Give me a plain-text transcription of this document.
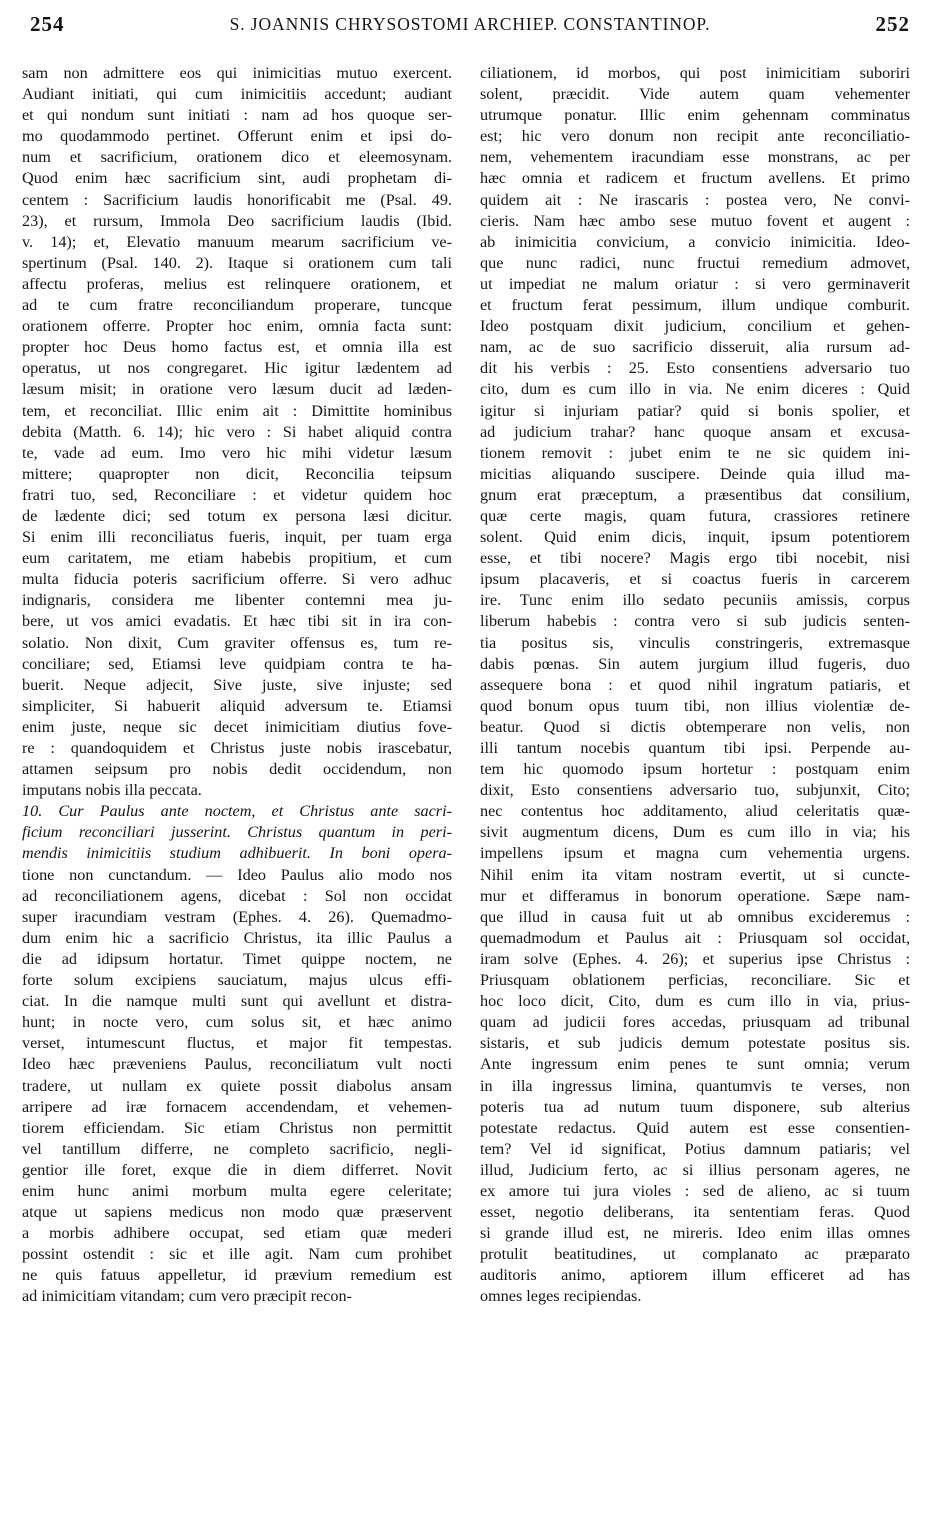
254	S. JOANNIS CHRYSOSTOMI ARCHIEP. CONSTANTINOP.	252
sam non admittere eos qui inimicitias mutuo exercent.
Audiant initiati, qui cum inimicitiis accedunt; audiant
et qui nondum sunt initiati : nam ad hos quoque ser-
mo quodammodo pertinet. Offerunt enim et ipsi do-
num et sacrificium, orationem dico et eleemosynam.
Quod enim hæc sacrificium sint, audi prophetam di-
centem : Sacrificium laudis honorificabit me (Psal. 49.
23), et rursum, Immola Deo sacrificium laudis (Ibid.
v. 14); et, Elevatio manuum mearum sacrificium ve-
spertinum (Psal. 140. 2). Itaque si orationem cum tali
affectu proferas, melius est relinquere orationem, et
ad te cum fratre reconciliandum properare, tuncque
orationem offerre. Propter hoc enim, omnia facta sunt:
propter hoc Deus homo factus est, et omnia illa est
operatus, ut nos congregaret. Hic igitur lædentem ad
læsum misit; in oratione vero læsum ducit ad læden-
tem, et reconciliat. Illic enim ait : Dimittite hominibus
debita (Matth. 6. 14); hic vero : Si habet aliquid contra
te, vade ad eum. Imo vero hic mihi videtur læsum
mittere; quapropter non dicit, Reconcilia teipsum
fratri tuo, sed, Reconciliare : et videtur quidem hoc
de lædente dici; sed totum ex persona læsi dicitur.
Si enim illi reconciliatus fueris, inquit, per tuam erga
eum caritatem, me etiam habebis propitium, et cum
multa fiducia poteris sacrificium offerre. Si vero adhuc
indignaris, considera me libenter contemni mea ju-
bere, ut vos amici evadatis. Et hæc tibi sit in ira con-
solatio. Non dixit, Cum graviter offensus es, tum re-
conciliare; sed, Etiamsi leve quidpiam contra te ha-
buerit. Neque adjecit, Sive juste, sive injuste; sed
simpliciter, Si habuerit aliquid adversum te. Etiamsi
enim juste, neque sic decet inimicitiam diutius fove-
re : quandoquidem et Christus juste nobis irascebatur,
attamen seipsum pro nobis dedit occidendum, non
imputans nobis illa peccata.
10. Cur Paulus ante noctem, et Christus ante sacri-
ficium reconciliari jusserint. Christus quantum in peri-
mendis inimicitiis studium adhibuerit. In boni opera-
tione non cunctandum. — Ideo Paulus alio modo nos
ad reconciliationem agens, dicebat : Sol non occidat
super iracundiam vestram (Ephes. 4. 26). Quemadmo-
dum enim hic a sacrificio Christus, ita illic Paulus a
die ad idipsum hortatur. Timet quippe noctem, ne
forte solum excipiens sauciatum, majus ulcus effi-
ciat. In die namque multi sunt qui avellunt et distra-
hunt; in nocte vero, cum solus sit, et hæc animo
verset, intumescunt fluctus, et major fit tempestas.
Ideo hæc præveniens Paulus, reconciliatum vult nocti
tradere, ut nullam ex quiete possit diabolus ansam
arripere ad iræ fornacem accendendam, et vehemen-
tiorem efficiendam. Sic etiam Christus non permittit
vel tantillum differre, ne completo sacrificio, negli-
gentior ille foret, exque die in diem differret. Novit
enim hunc animi morbum multa egere celeritate;
atque ut sapiens medicus non modo quæ præservent
a morbis adhibere occupat, sed etiam quæ mederi
possint ostendit : sic et ille agit. Nam cum prohibet
ne quis fatuus appelletur, id prævium remedium est
ad inimicitiam vitandam; cum vero præcipit recon-
ciliationem, id morbos, qui post inimicitiam suboriri
solent, præcidit. Vide autem quam vehementer
utrumque ponatur. Illic enim gehennam comminatus
est; hic vero donum non recipit ante reconciliatio-
nem, vehementem iracundiam esse monstrans, ac per
hæc omnia et radicem et fructum avellens. Et primo
quidem ait : Ne irascaris : postea vero, Ne convi-
cieris. Nam hæc ambo sese mutuo fovent et augent :
ab inimicitia convicium, a convicio inimicitia. Ideo-
que nunc radici, nunc fructui remedium admovet,
ut impediat ne malum oriatur : si vero germinaverit
et fructum ferat pessimum, illum undique comburit.
Ideo postquam dixit judicium, concilium et gehen-
nam, ac de suo sacrificio disseruit, alia rursum ad-
dit his verbis : 25. Esto consentiens adversario tuo
cito, dum es cum illo in via. Ne enim diceres : Quid
igitur si injuriam patiar? quid si bonis spolier, et
ad judicium trahar? hanc quoque ansam et excusa-
tionem removit : jubet enim te ne sic quidem ini-
micitias aliquando suscipere. Deinde quia illud ma-
gnum erat præceptum, a præsentibus dat consilium,
quæ certe magis, quam futura, crassiores retinere
solent. Quid enim dicis, inquit, ipsum potentiorem
esse, et tibi nocere? Magis ergo tibi nocebit, nisi
ipsum placaveris, et si coactus fueris in carcerem
ire. Tunc enim illo sedato pecuniis amissis, corpus
liberum habebis : contra vero si sub judicis senten-
tia positus sis, vinculis constringeris, extremasque
dabis pœnas. Sin autem jurgium illud fugeris, duo
assequere bona : et quod nihil ingratum patiaris, et
quod bonum opus tuum tibi, non illius violentiæ de-
beatur. Quod si dictis obtemperare non velis, non
illi tantum nocebis quantum tibi ipsi. Perpende au-
tem hic quomodo ipsum hortetur : postquam enim
dixit, Esto consentiens adversario tuo, subjunxit, Cito;
nec contentus hoc additamento, aliud celeritatis quæ-
sivit augmentum dicens, Dum es cum illo in via; his
impellens ipsum et magna cum vehementia urgens.
Nihil enim ita vitam nostram evertit, ut si cuncte-
mur et differamus in bonorum operatione. Sæpe nam-
que illud in causa fuit ut ab omnibus excideremus :
quemadmodum et Paulus ait : Priusquam sol occidat,
iram solve (Ephes. 4. 26); et superius ipse Christus :
Priusquam oblationem perficias, reconciliare. Sic et
hoc loco dicit, Cito, dum es cum illo in via, prius-
quam ad judicii fores accedas, priusquam ad tribunal
sistaris, et sub judicis demum potestate positus sis.
Ante ingressum enim penes te sunt omnia; verum
in illa ingressus limina, quantumvis te verses, non
poteris tua ad nutum tuum disponere, sub alterius
potestate redactus. Quid autem est esse consentien-
tem? Vel id significat, Potius damnum patiaris; vel
illud, Judicium ferto, ac si illius personam ageres, ne
ex amore tui jura violes : sed de alieno, ac si tuum
esset, negotio deliberans, ita sententiam feras. Quod
si grande illud est, ne mireris. Ideo enim illas omnes
protulit beatitudines, ut complanato ac præparato
auditoris animo, aptiorem illum efficeret ad has
omnes leges recipiendas.
